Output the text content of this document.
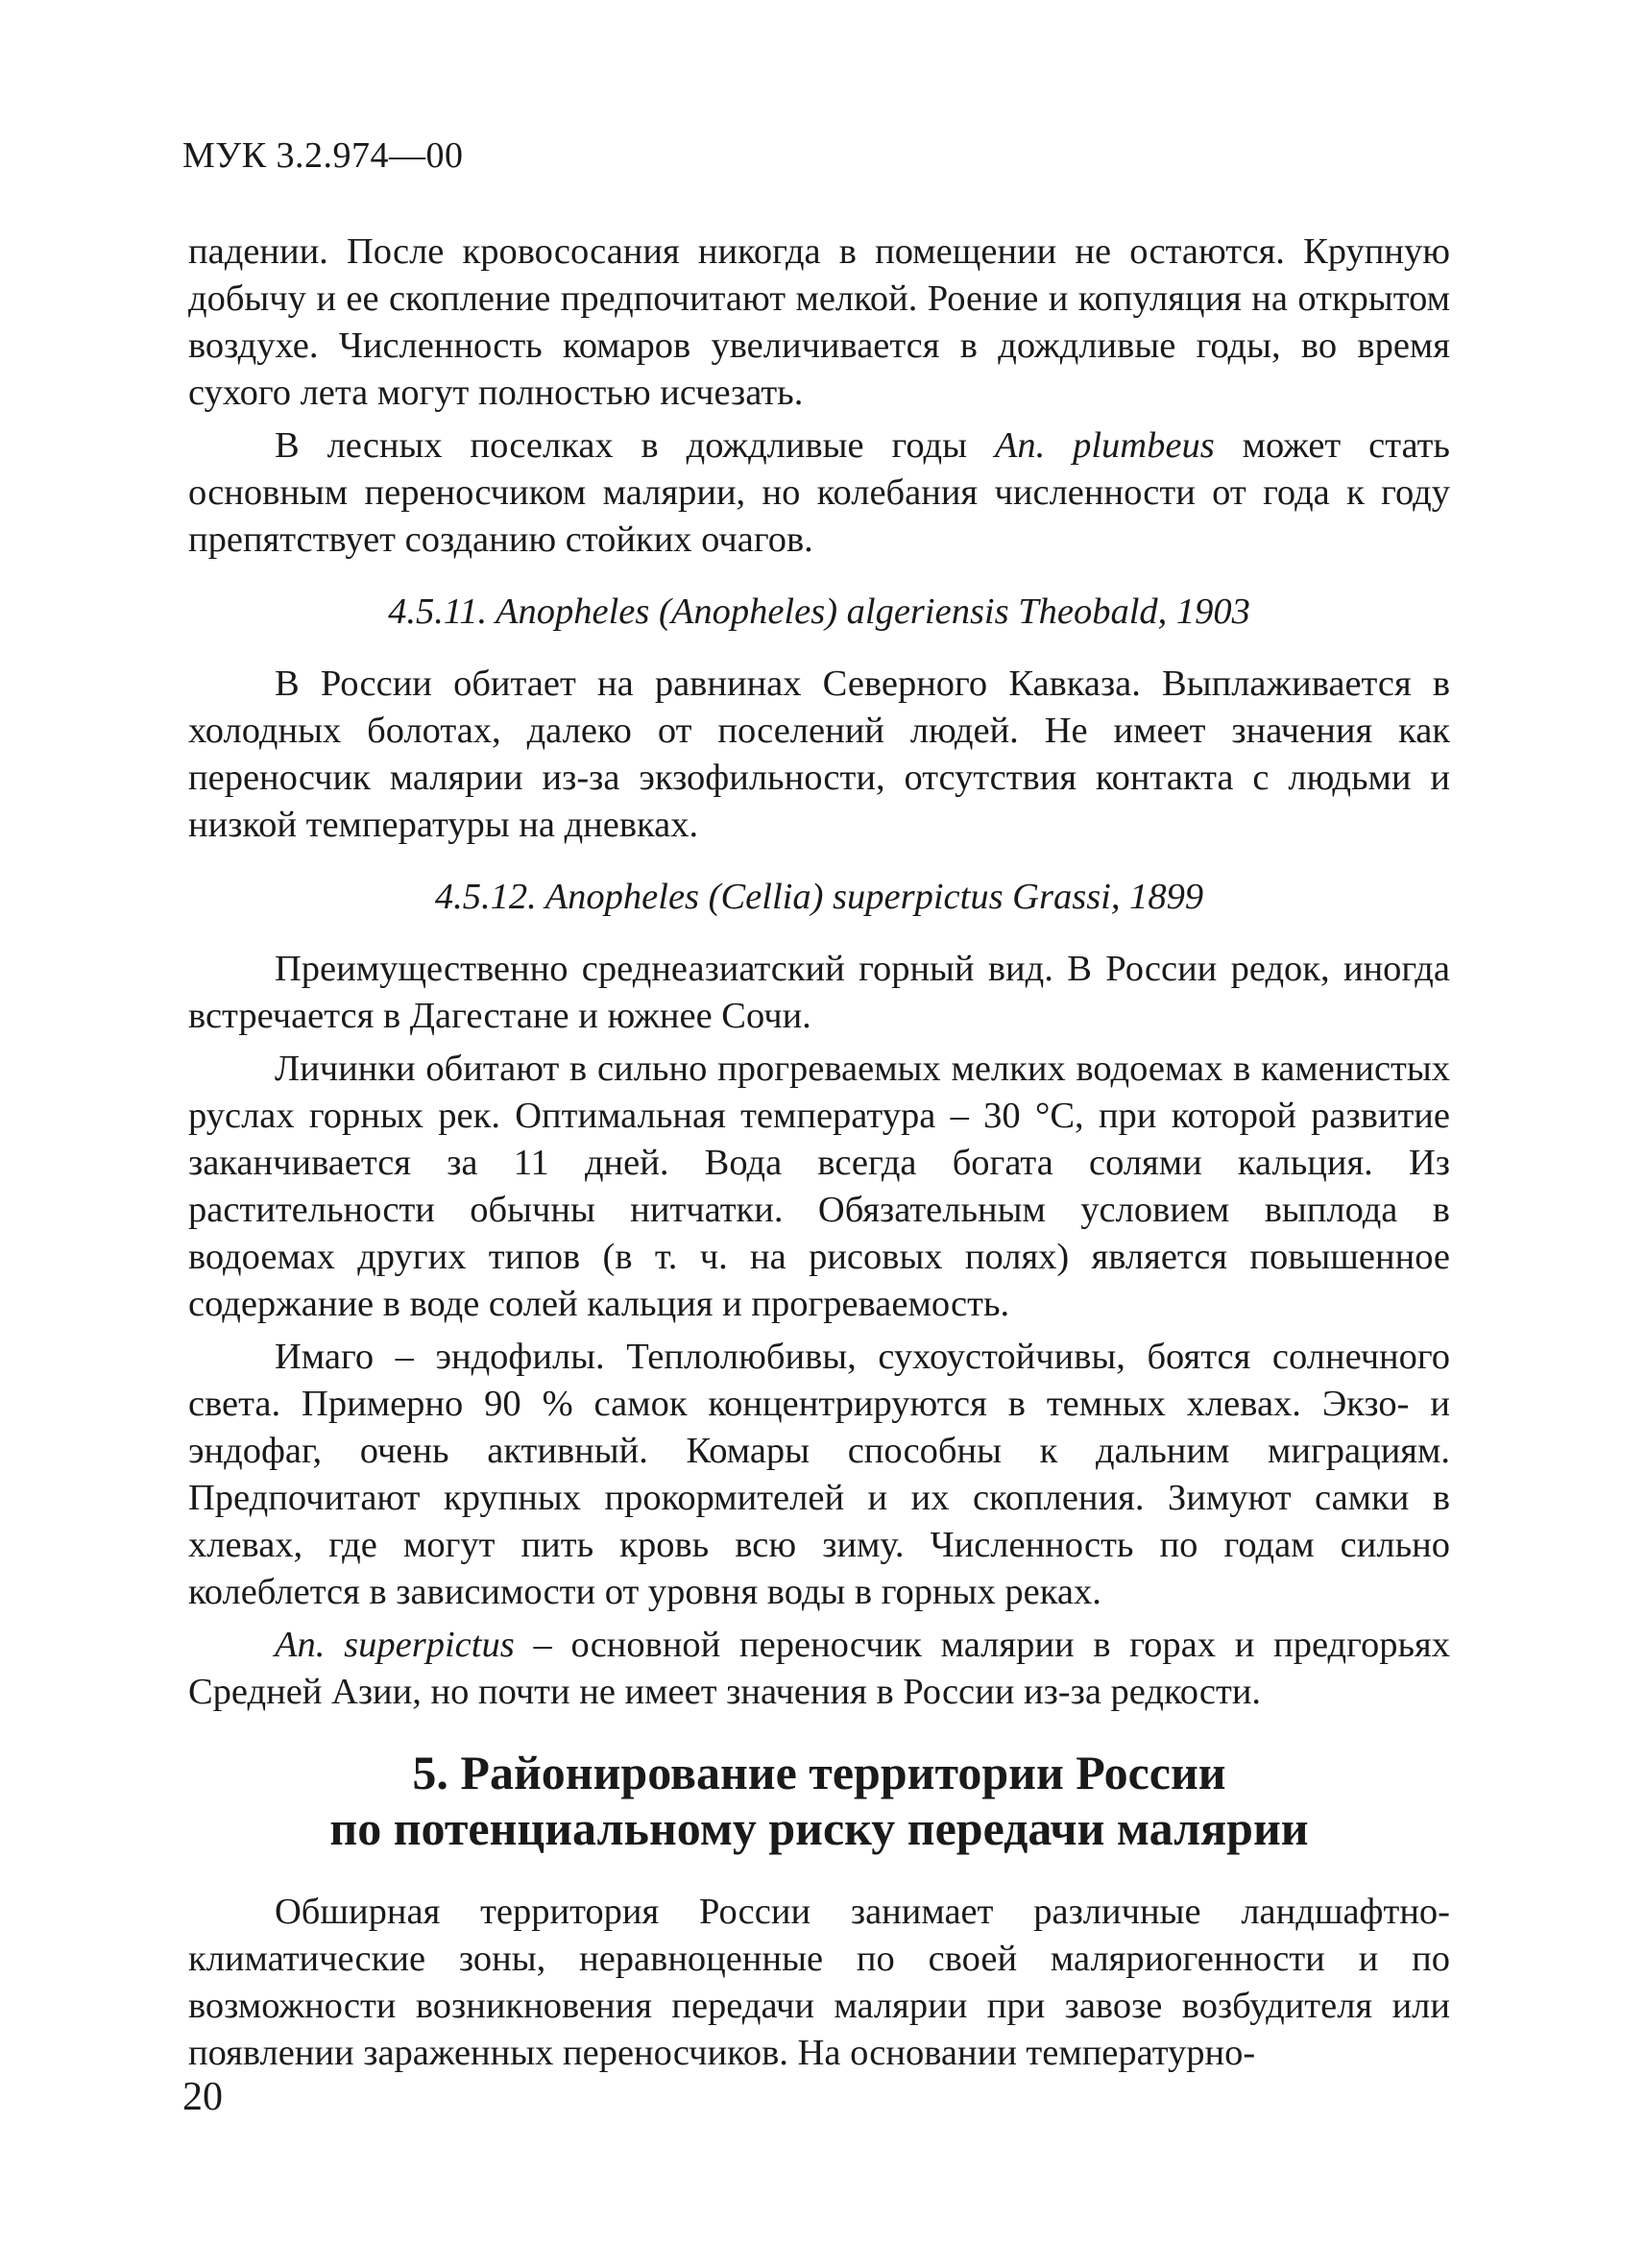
МУК 3.2.974—00

падении. После кровососания никогда в помещении не остаются. Крупную добычу и ее скопление предпочитают мелкой. Роение и копуляция на открытом воздухе. Численность комаров увеличивается в дождливые годы, во время сухого лета могут полностью исчезать.

В лесных поселках в дождливые годы An. plumbeus может стать основным переносчиком малярии, но колебания численности от года к году препятствует созданию стойких очагов.

4.5.11. Anopheles (Anopheles) algeriensis Theobald, 1903

В России обитает на равнинах Северного Кавказа. Выплаживается в холодных болотах, далеко от поселений людей. Не имеет значения как переносчик малярии из-за экзофильности, отсутствия контакта с людьми и низкой температуры на дневках.

4.5.12. Anopheles (Cellia) superpictus Grassi, 1899

Преимущественно среднеазиатский горный вид. В России редок, иногда встречается в Дагестане и южнее Сочи.

Личинки обитают в сильно прогреваемых мелких водоемах в каменистых руслах горных рек. Оптимальная температура – 30 °С, при которой развитие заканчивается за 11 дней. Вода всегда богата солями кальция. Из растительности обычны нитчатки. Обязательным условием выплода в водоемах других типов (в т. ч. на рисовых полях) является повышенное содержание в воде солей кальция и прогреваемость.

Имаго – эндофилы. Теплолюбивы, сухоустойчивы, боятся солнечного света. Примерно 90 % самок концентрируются в темных хлевах. Экзо- и эндофаг, очень активный. Комары способны к дальним миграциям. Предпочитают крупных прокормителей и их скопления. Зимуют самки в хлевах, где могут пить кровь всю зиму. Численность по годам сильно колеблется в зависимости от уровня воды в горных реках.

An. superpictus – основной переносчик малярии в горах и предгорьях Средней Азии, но почти не имеет значения в России из-за редкости.

5. Районирование территории России
по потенциальному риску передачи малярии

Обширная территория России занимает различные ландшафтно-климатические зоны, неравноценные по своей маляриогенности и по возможности возникновения передачи малярии при завозе возбудителя или появлении зараженных переносчиков. На основании температурно-

20
